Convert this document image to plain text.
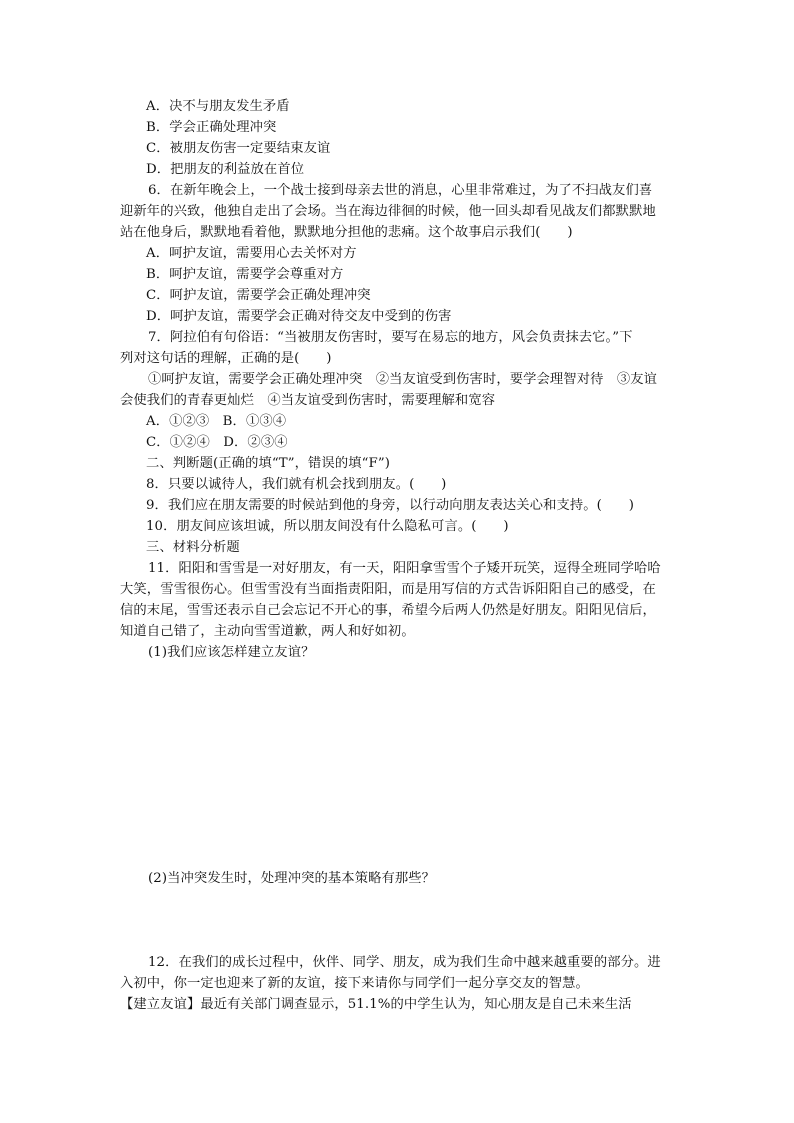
A．决不与朋友发生矛盾
B．学会正确处理冲突
C．被朋友伤害一定要结束友谊
D．把朋友的利益放在首位
6．在新年晚会上，一个战士接到母亲去世的消息，心里非常难过，为了不扫战友们喜
迎新年的兴致，他独自走出了会场。当在海边徘徊的时候，他一回头却看见战友们都默默地
站在他身后，默默地看着他，默默地分担他的悲痛。这个故事启示我们(　　)
A．呵护友谊，需要用心去关怀对方
B．呵护友谊，需要学会尊重对方
C．呵护友谊，需要学会正确处理冲突
D．呵护友谊，需要学会正确对待交友中受到的伤害
7．阿拉伯有句俗语：“当被朋友伤害时，要写在易忘的地方，风会负责抹去它。”下
列对这句话的理解，正确的是(　　)
①呵护友谊，需要学会正确处理冲突　②当友谊受到伤害时，要学会理智对待　③友谊
会使我们的青春更灿烂　④当友谊受到伤害时，需要理解和宽容
A．①②③　B．①③④
C．①②④　D．②③④
二、判断题(正确的填“T”，错误的填“F”)
8．只要以诚待人，我们就有机会找到朋友。(　　)
9．我们应在朋友需要的时候站到他的身旁，以行动向朋友表达关心和支持。(　　)
10．朋友间应该坦诚，所以朋友间没有什么隐私可言。(　　)
三、材料分析题
11．阳阳和雪雪是一对好朋友，有一天，阳阳拿雪雪个子矮开玩笑，逗得全班同学哈哈
大笑，雪雪很伤心。但雪雪没有当面指责阳阳，而是用写信的方式告诉阳阳自己的感受，在
信的末尾，雪雪还表示自己会忘记不开心的事，希望今后两人仍然是好朋友。阳阳见信后，
知道自己错了，主动向雪雪道歉，两人和好如初。
(1)我们应该怎样建立友谊？
(2)当冲突发生时，处理冲突的基本策略有那些？
12．在我们的成长过程中，伙伴、同学、朋友，成为我们生命中越来越重要的部分。进
入初中，你一定也迎来了新的友谊，接下来请你与同学们一起分享交友的智慧。
【建立友谊】最近有关部门调查显示，51.1%的中学生认为，知心朋友是自己未来生活
